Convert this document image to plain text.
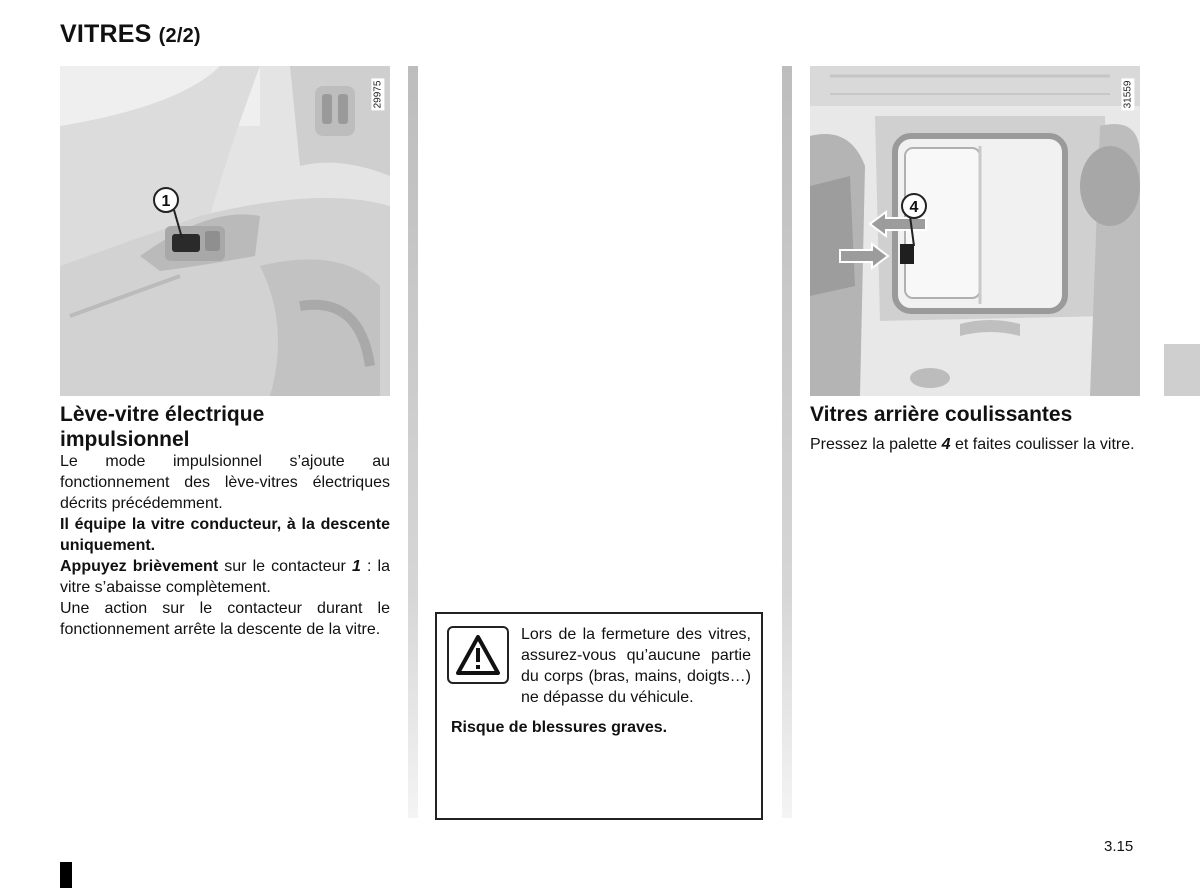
VITRES (2/2)
1
29975
Lève-vitre électrique impulsionnel

Le mode impulsionnel s’ajoute au fonctionnement des lève-vitres électriques décrits précédemment.

Il équipe la vitre conducteur, à la descente uniquement.

Appuyez brièvement sur le contacteur 1 : la vitre s’abaisse complètement.

Une action sur le contacteur durant le fonctionnement arrête la descente de la vitre.	Lors de la fermeture des vitres, assurez-vous qu’aucune partie du corps (bras, mains, doigts…) ne dépasse du véhicule.

Risque de blessures graves.

4
31559
Vitres arrière coulissantes

Pressez la palette 4 et faites coulisser la vitre.

3.15
